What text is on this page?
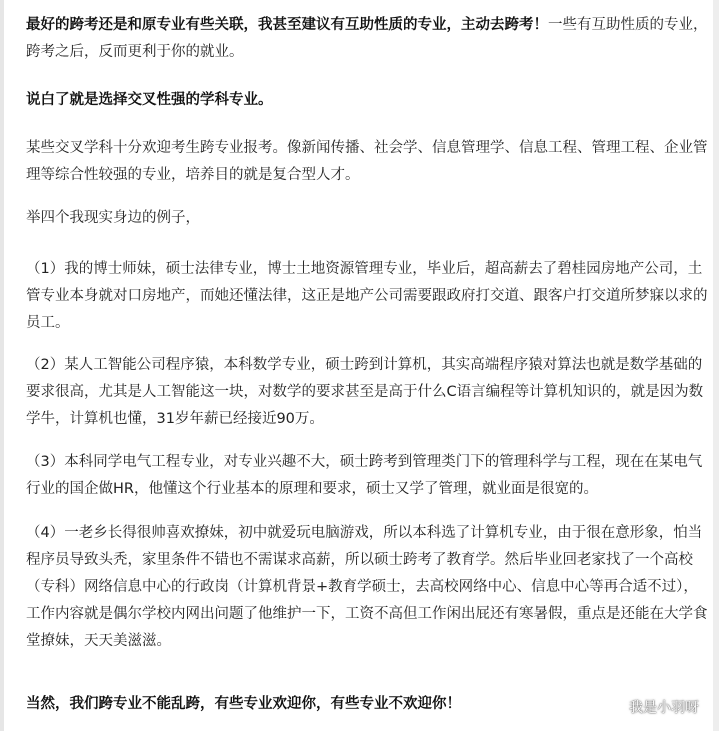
最好的跨考还是和原专业有些关联，我甚至建议有互助性质的专业，主动去跨考！一些有互助性质的专业，跨考之后，反而更利于你的就业。

说白了就是选择交叉性强的学科专业。

某些交叉学科十分欢迎考生跨专业报考。像新闻传播、社会学、信息管理学、信息工程、管理工程、企业管理等综合性较强的专业，培养目的就是复合型人才。

举四个我现实身边的例子，

（1）我的博士师妹，硕士法律专业，博士土地资源管理专业，毕业后，超高薪去了碧桂园房地产公司，土管专业本身就对口房地产，而她还懂法律，这正是地产公司需要跟政府打交道、跟客户打交道所梦寐以求的员工。

（2）某人工智能公司程序猿，本科数学专业，硕士跨到计算机，其实高端程序猿对算法也就是数学基础的要求很高，尤其是人工智能这一块，对数学的要求甚至是高于什么C语言编程等计算机知识的，就是因为数学牛，计算机也懂，31岁年薪已经接近90万。

（3）本科同学电气工程专业，对专业兴趣不大，硕士跨考到管理类门下的管理科学与工程，现在在某电气行业的国企做HR，他懂这个行业基本的原理和要求，硕士又学了管理，就业面是很宽的。

（4）一老乡长得很帅喜欢撩妹，初中就爱玩电脑游戏，所以本科选了计算机专业，由于很在意形象，怕当程序员导致头秃，家里条件不错也不需谋求高薪，所以硕士跨考了教育学。然后毕业回老家找了一个高校（专科）网络信息中心的行政岗（计算机背景+教育学硕士，去高校网络中心、信息中心等再合适不过），工作内容就是偶尔学校内网出问题了他维护一下，工资不高但工作闲出屁还有寒暑假，重点是还能在大学食堂撩妹，天天美滋滋。

当然，我们跨专业不能乱跨，有些专业欢迎你，有些专业不欢迎你！	我是小羽呀
